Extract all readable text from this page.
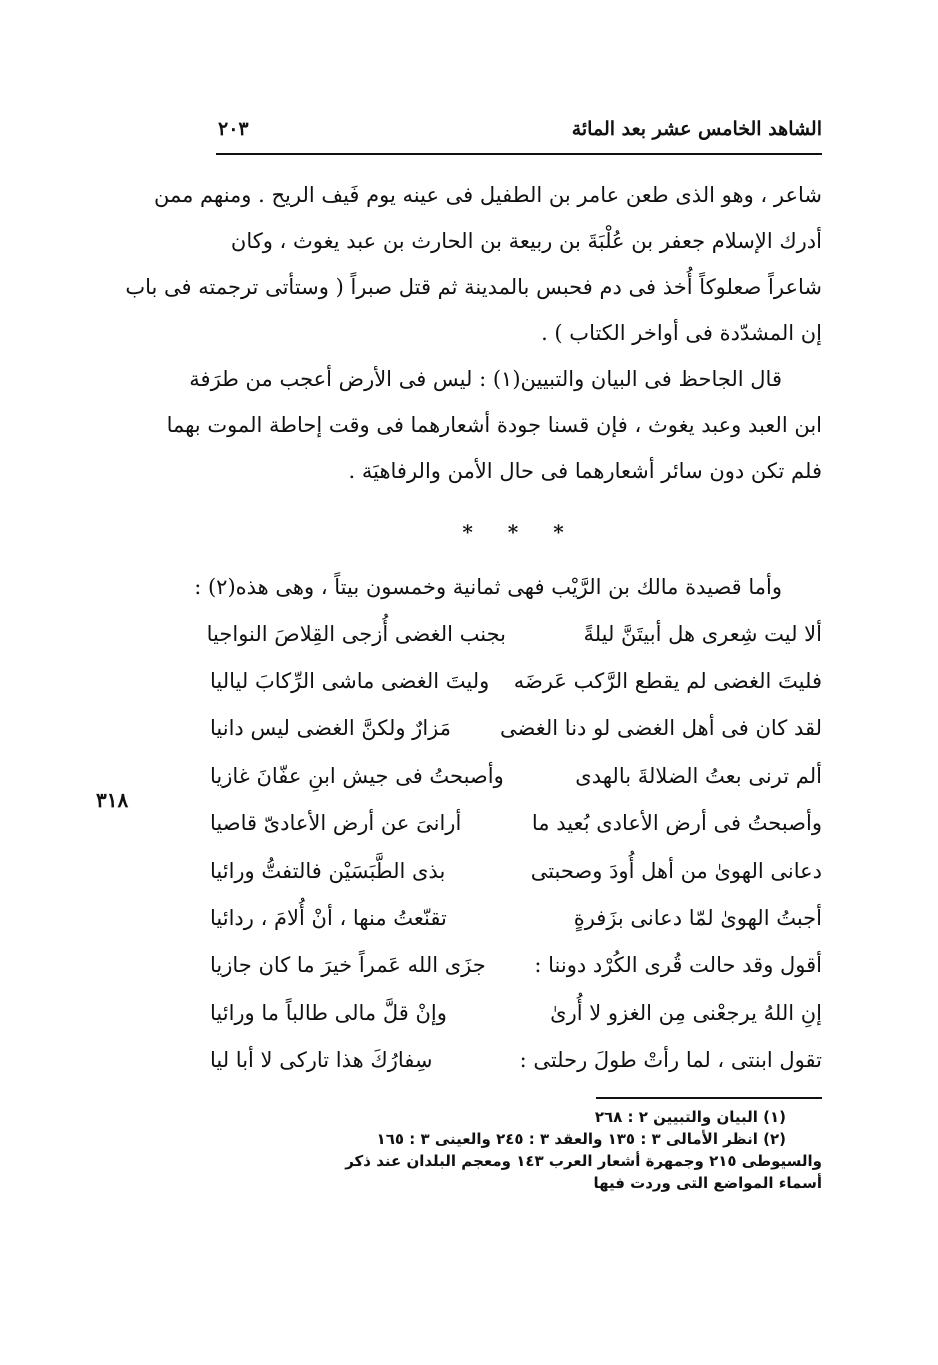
الشاهد الخامس عشر بعد المائة
٢٠٣
شاعر ، وهو الذى طعن عامر بن الطفيل فى عينه يوم فَيف الريح . ومنهم ممن
أدرك الإسلام جعفر بن عُلْبَةَ بن ربيعة بن الحارث بن عبد يغوث ، وكان
شاعراً صعلوكاً أُخذ فى دم فحبس بالمدينة ثم قتل صبراً ( وستأتى ترجمته فى باب
إن المشدّدة فى أواخر الكتاب ) .
قال الجاحظ فى البيان والتبيين(١) : ليس فى الأرض أعجب من طرَفة
ابن العبد وعبد يغوث ، فإن قسنا جودة أشعارهما فى وقت إحاطة الموت بهما
فلم تكن دون سائر أشعارهما فى حال الأمن والرفاهيَة .
* * *
وأما قصيدة مالك بن الرَّيْب فهى ثمانية وخمسون بيتاً ، وهى هذه(٢) :
ألا ليت شِعرى هل أبيتَنَّ ليلةً
بجنب الغضى أُزجى القِلاصَ النواجيا
فليتَ الغضى لم يقطع الرَّكب عَرضَه
وليتَ الغضى ماشى الرِّكابَ لياليا
لقد كان فى أهل الغضى لو دنا الغضى
مَزارٌ ولكنَّ الغضى ليس دانيا
ألم ترنى بعتُ الضلالةَ بالهدى
وأصبحتُ فى جيش ابنِ عفّانَ غازيا
وأصبحتُ فى أرض الأعادى بُعيد ما
أرانىَ عن أرض الأعادىّ قاصيا
دعانى الهوىٰ من أهل أُودَ وصحبتى
بذى الطَّبَسَيْن فالتفتُّ ورائيا
أجبتُ الهوىٰ لمّا دعانى بزَفرةٍ
تقنّعتُ منها ، أنْ أُلامَ ، ردائيا
أقول وقد حالت قُرى الكُرْد دوننا :
جزَى الله عَمراً خيرَ ما كان جازيا
إنِ اللهُ يرجعْنى مِن الغزو لا أُرىٰ
وإنْ قلَّ مالى طالباً ما ورائيا
تقول ابنتى ، لما رأتْ طولَ رحلتى :
سِفارُكَ هذا تاركى لا أبا ليا
٣١٨
(١) البيان والتبيين ٢ : ٢٦٨
(٢) انظر الأمالى ٣ : ١٣٥ والعقد ٣ : ٢٤٥ والعينى ٣ : ١٦٥
والسيوطى ٢١٥ وجمهرة أشعار العرب ١٤٣ ومعجم البلدان عند ذكر
أسماء المواضع التى وردت فيها
